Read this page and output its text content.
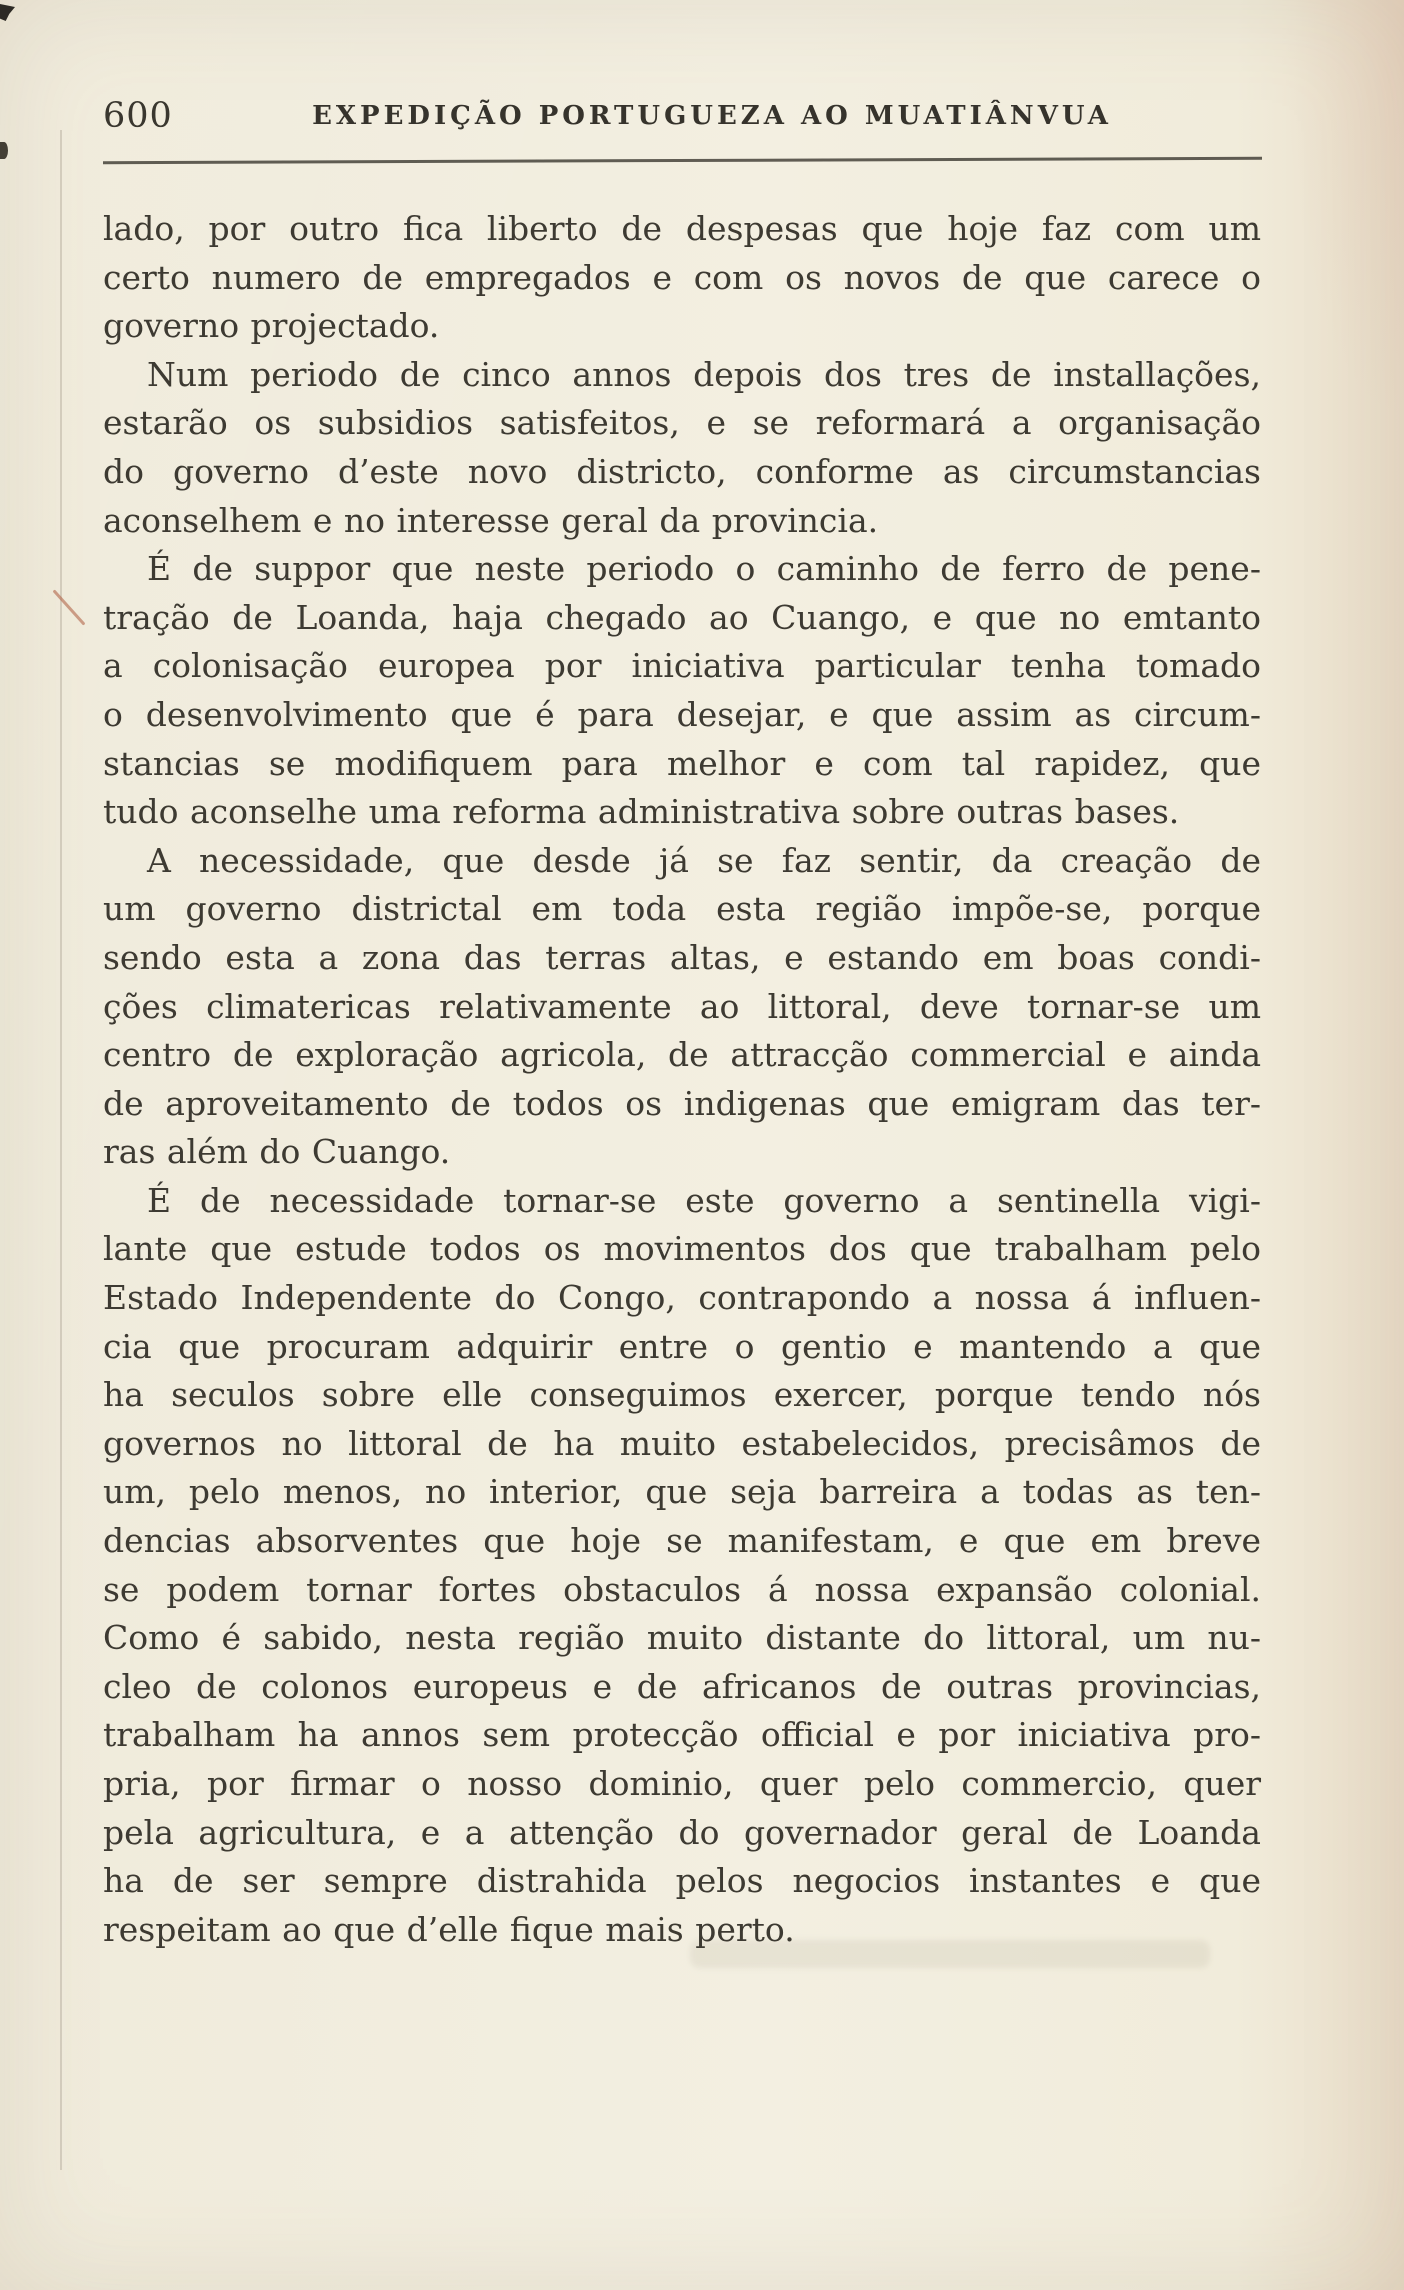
600	EXPEDIÇÃO PORTUGUEZA AO MUATIÂNVUA
lado, por outro fica liberto de despesas que hoje faz com um
certo numero de empregados e com os novos de que carece o
governo projectado.
Num periodo de cinco annos depois dos tres de installações,
estarão os subsidios satisfeitos, e se reformará a organisação
do governo d’este novo districto, conforme as circumstancias
aconselhem e no interesse geral da provincia.
É de suppor que neste periodo o caminho de ferro de pene-
tração de Loanda, haja chegado ao Cuango, e que no emtanto
a colonisação europea por iniciativa particular tenha tomado
o desenvolvimento que é para desejar, e que assim as circum-
stancias se modifiquem para melhor e com tal rapidez, que
tudo aconselhe uma reforma administrativa sobre outras bases.
A necessidade, que desde já se faz sentir, da creação de
um governo districtal em toda esta região impõe-se, porque
sendo esta a zona das terras altas, e estando em boas condi-
ções climatericas relativamente ao littoral, deve tornar-se um
centro de exploração agricola, de attracção commercial e ainda
de aproveitamento de todos os indigenas que emigram das ter-
ras além do Cuango.
É de necessidade tornar-se este governo a sentinella vigi-
lante que estude todos os movimentos dos que trabalham pelo
Estado Independente do Congo, contrapondo a nossa á influen-
cia que procuram adquirir entre o gentio e mantendo a que
ha seculos sobre elle conseguimos exercer, porque tendo nós
governos no littoral de ha muito estabelecidos, precisâmos de
um, pelo menos, no interior, que seja barreira a todas as ten-
dencias absorventes que hoje se manifestam, e que em breve
se podem tornar fortes obstaculos á nossa expansão colonial.
Como é sabido, nesta região muito distante do littoral, um nu-
cleo de colonos europeus e de africanos de outras provincias,
trabalham ha annos sem protecção official e por iniciativa pro-
pria, por firmar o nosso dominio, quer pelo commercio, quer
pela agricultura, e a attenção do governador geral de Loanda
ha de ser sempre distrahida pelos negocios instantes e que
respeitam ao que d’elle fique mais perto.
